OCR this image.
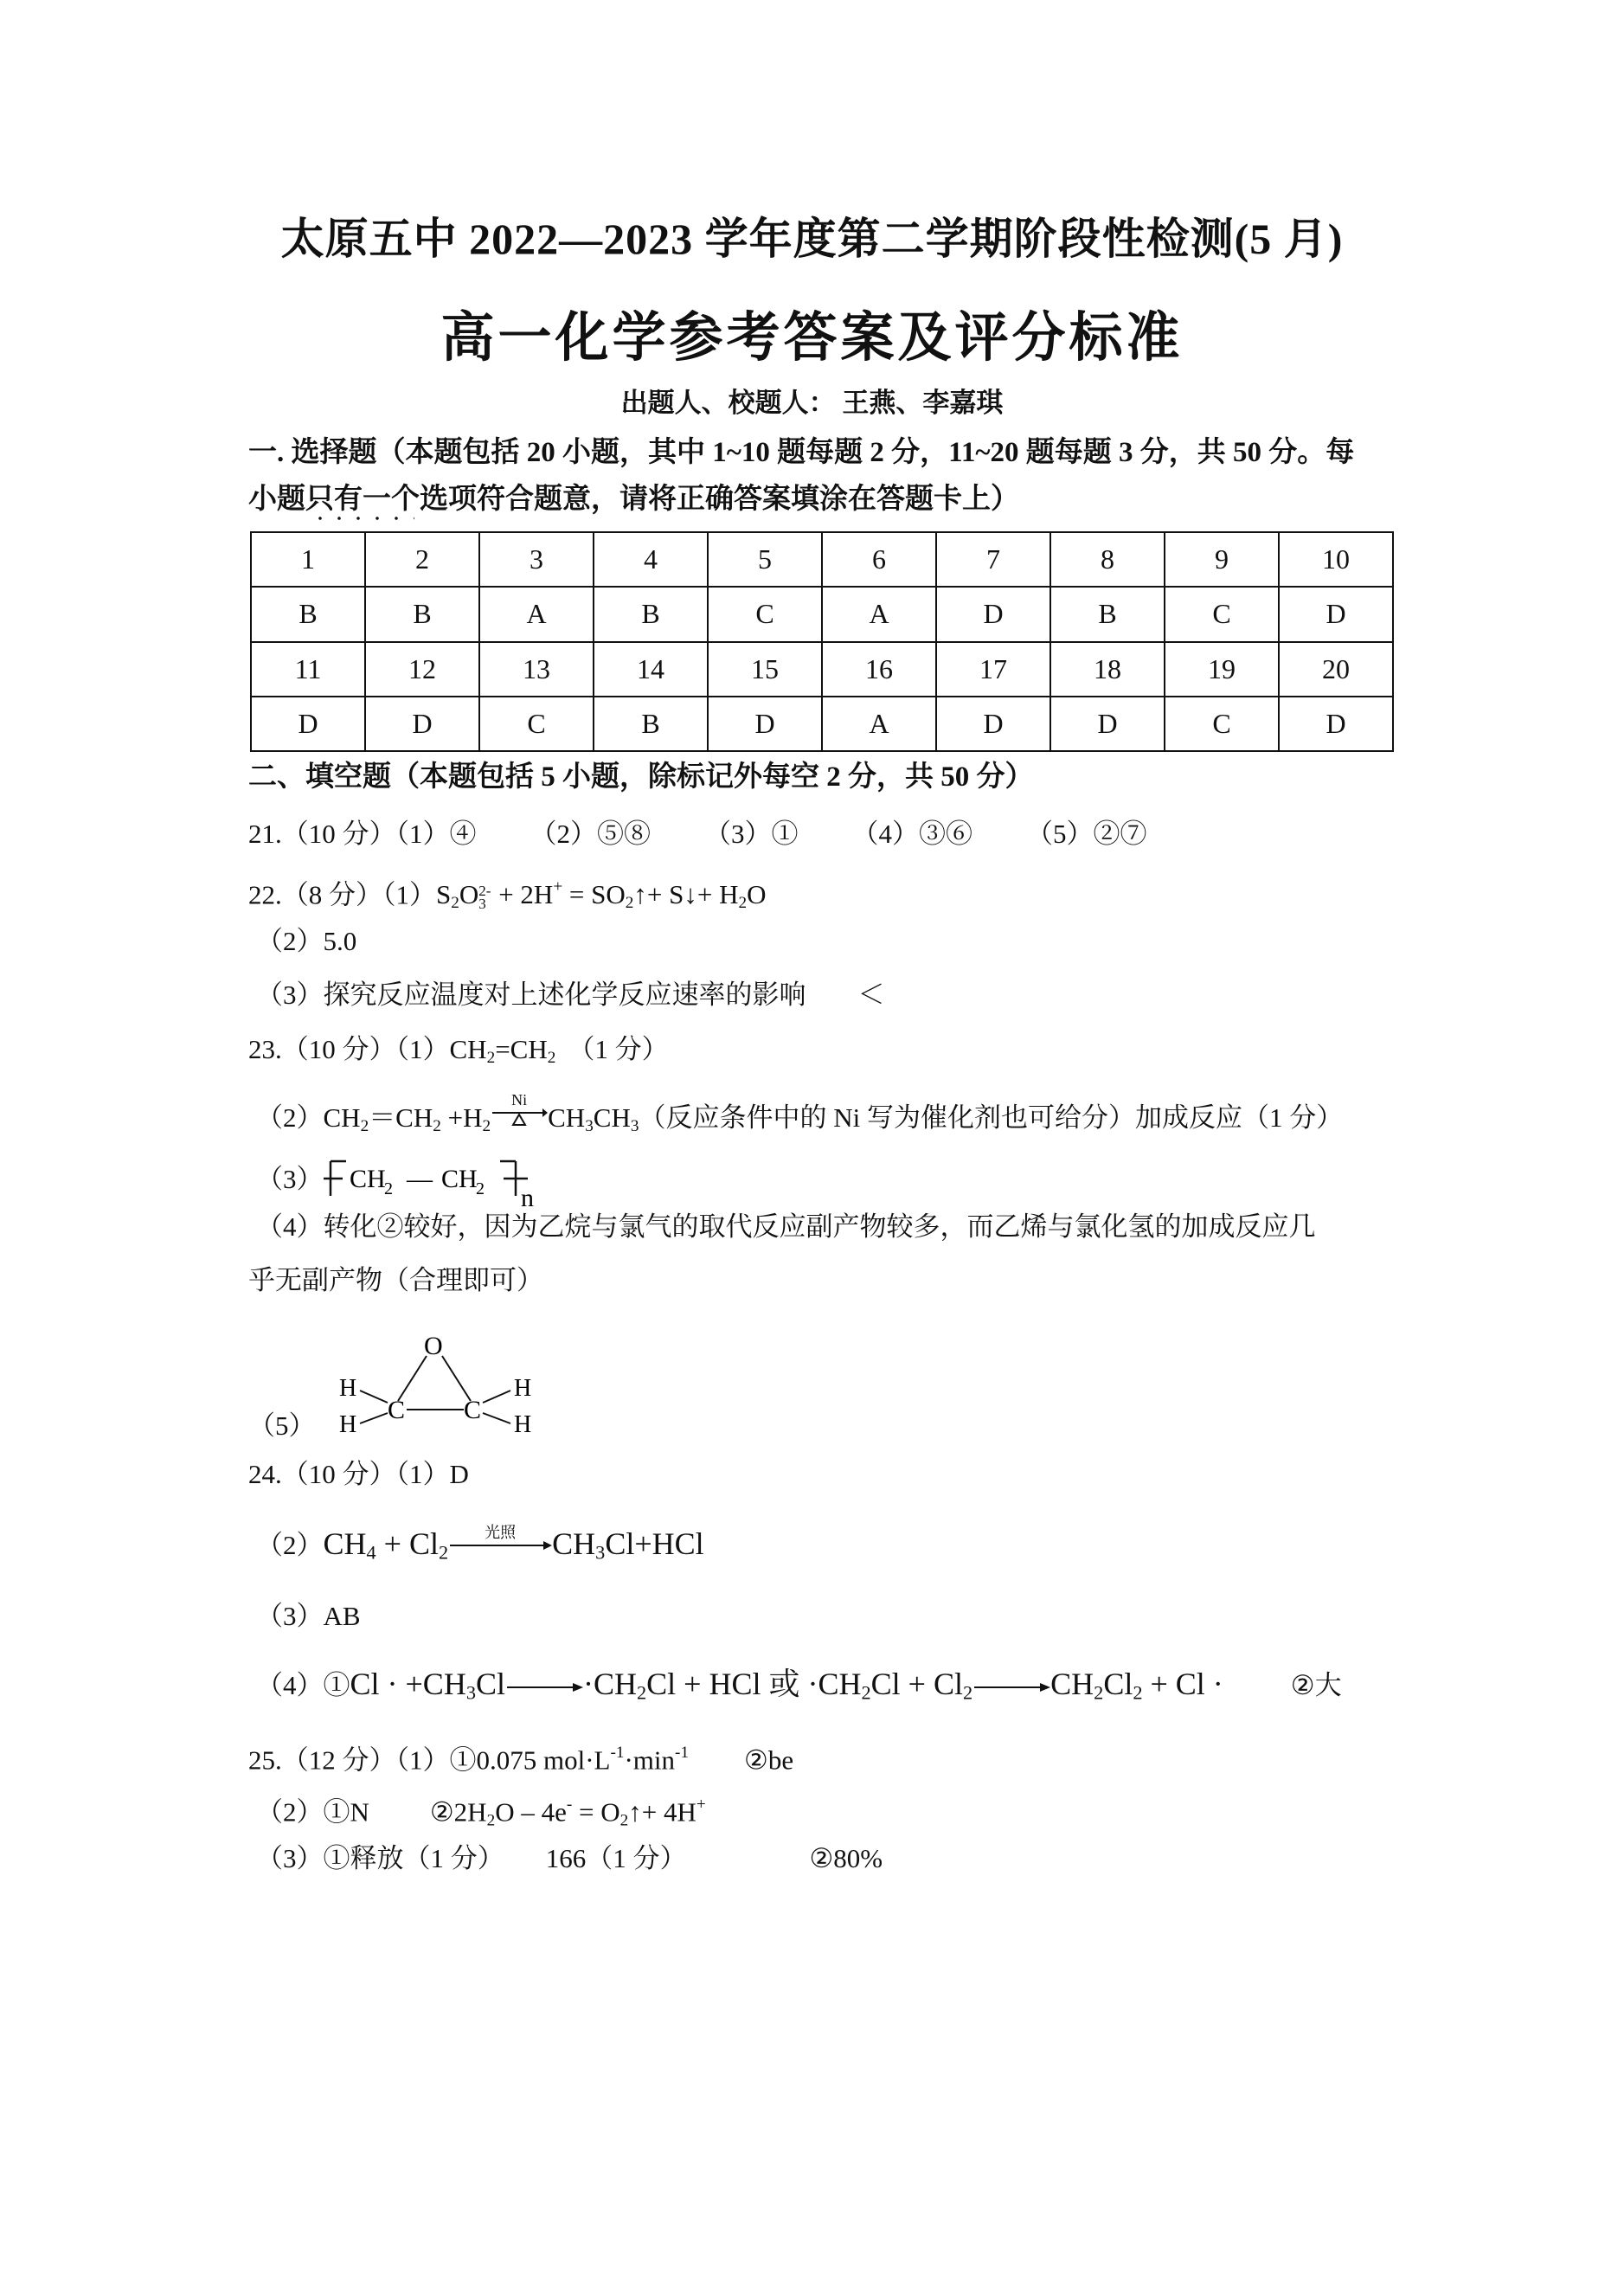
太原五中 2022—2023 学年度第二学期阶段性检测(5 月)
高一化学参考答案及评分标准
出题人、校题人： 王燕、李嘉琪
一. 选择题（本题包括 20 小题，其中 1~10 题每题 2 分，11~20 题每题 3 分，共 50 分。每
小题只有一个选项符合题意，请将正确答案填涂在答题卡上）
1	2	3	4	5	6	7	8	9	10
B	B	A	B	C	A	D	B	C	D
11	12	13	14	15	16	17	18	19	20
D	D	C	B	D	A	D	D	C	D
二、填空题（本题包括 5 小题，除标记外每空 2 分，共 50 分）
21.（10 分）（1）④ （2）⑤⑧ （3）① （4）③⑥ （5）②⑦
22.（8 分）$(1)S_2O2-$
$3 + 2H^+ = SO_2↑+$ S↓+ $H_2O$
（2）5.0
（3）探究反应温度对上述化学反应速率的影响 ＜
23.（10 分）$(1)CH_2=CH_2$ （1 分）
$(2)CH_2=CH_2 +H_2$
Ni
$CH_3CH_3$（反应条件中的 Ni 写为催化剂也可给分）加成反应（1 分）
（3） CH
2 — CH
2 n
（4）转化②较好，因为乙烷与氯气的取代反应副产物较多，而乙烯与氯化氢的加成反应几
乎无副产物（合理即可）
（5）
O
C C
H
H
H
H
24.（10 分）（1）D
$(2)CH_4 + Cl_2$
光照	$CH_3Cl+HCl$
（3）AB
（4）①Cl · $+CH_3Cl\to\cdot CH_2Cl$ + HCl 或 $\cdot CH_2Cl + Cl_2\to CH_2Cl_2 + Cl$ ·	②大
25.（12 分）（1）①0.075 $mol\cdot L^{-1}\cdot\min^{-1}$ ②be
（2）①N $②2H_2O - 4e^-$ = $O_2↑+ 4H^+$
（3）①释放（1 分） 166（1 分）	②80%
